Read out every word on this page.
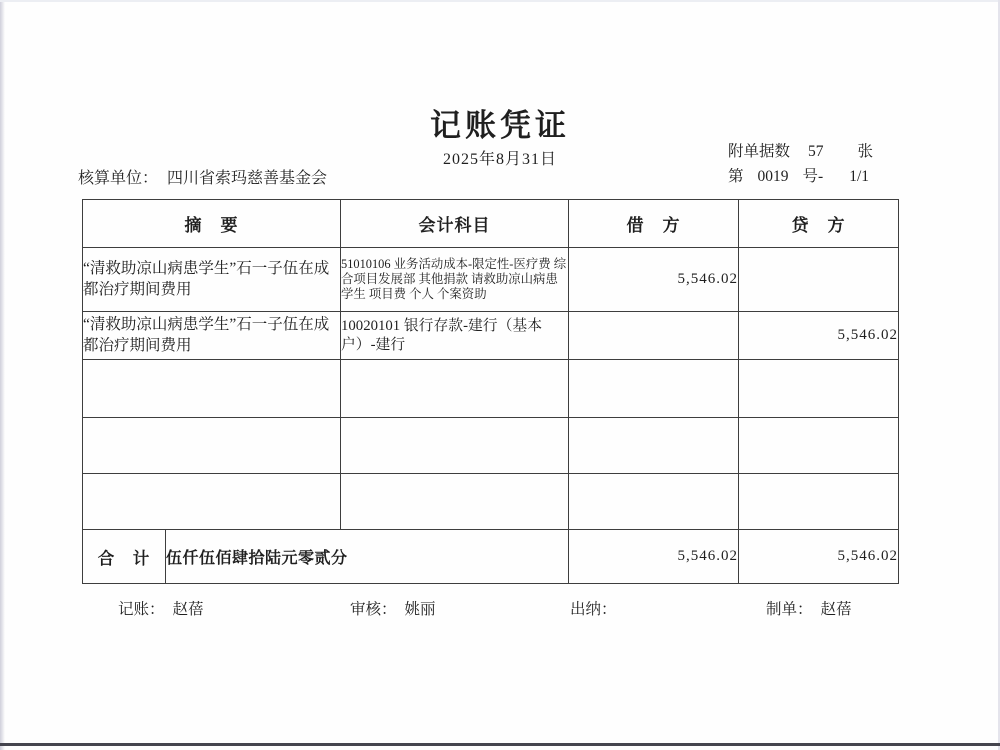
记账凭证
2025年8月31日	附单据数 57 张
第 0019 号- 1/1
核算单位： 四川省索玛慈善基金会
摘　要		会计科目	借　方	贷　方
“清救助凉山病患学生”石一子伍在成都治疗期间费用		51010106 业务活动成本-限定性-医疗费 综合项目发展部 其他捐款 请救助凉山病患学生 项目费 个人 个案资助	5,546.02	
“清救助凉山病患学生”石一子伍在成都治疗期间费用		10020101 银行存款-建行（基本户）-建行		5,546.02

合　计	伍仟伍佰肆拾陆元零贰分		5,546.02	5,546.02
记账： 赵蓓	审核： 姚丽	出纳：	制单： 赵蓓
